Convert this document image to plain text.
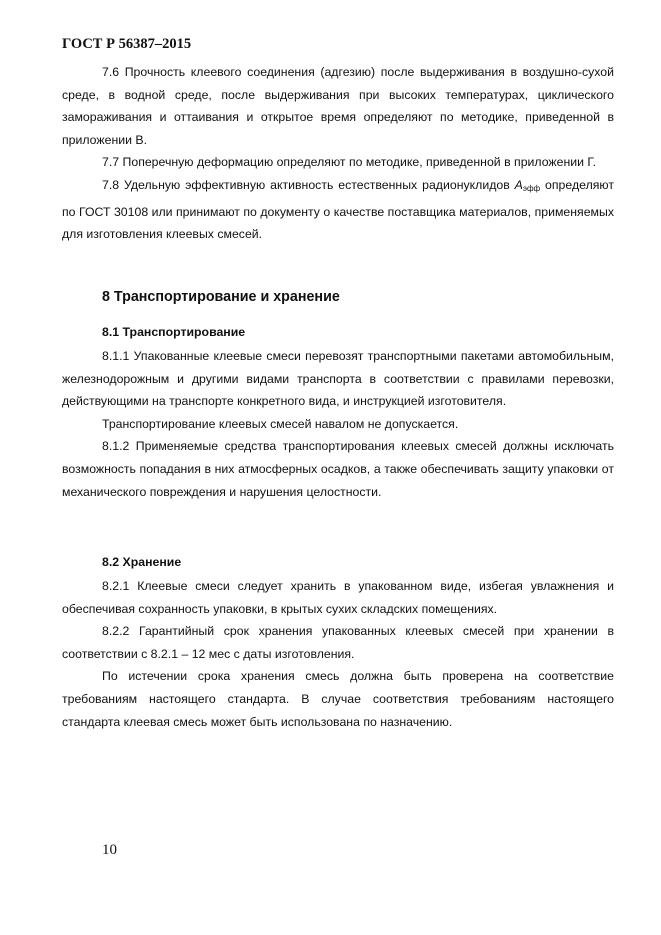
ГОСТ Р 56387–2015

7.6 Прочность клеевого соединения (адгезию) после выдерживания в воздушно-сухой среде, в водной среде, после выдерживания при высоких температурах, циклического замораживания и оттаивания и открытое время определяют по методике, приведенной в приложении В.

7.7 Поперечную деформацию определяют по методике, приведенной в приложении Г.

7.8 Удельную эффективную активность естественных радионуклидов $А_{эфф}$ определяют по ГОСТ 30108 или принимают по документу о качестве поставщика материалов, применяемых для изготовления клеевых смесей.

8 Транспортирование и хранение
8.1 Транспортирование

8.1.1 Упакованные клеевые смеси перевозят транспортными пакетами автомобильным, железнодорожным и другими видами транспорта в соответствии с правилами перевозки, действующими на транспорте конкретного вида, и инструкцией изготовителя.

Транспортирование клеевых смесей навалом не допускается.

8.1.2 Применяемые средства транспортирования клеевых смесей должны исключать возможность попадания в них атмосферных осадков, а также обеспечивать защиту упаковки от механического повреждения и нарушения целостности.

8.2 Хранение

8.2.1 Клеевые смеси следует хранить в упакованном виде, избегая увлажнения и обеспечивая сохранность упаковки, в крытых сухих складских помещениях.

8.2.2 Гарантийный срок хранения упакованных клеевых смесей при хранении в соответствии с 8.2.1 – 12 мес с даты изготовления.

По истечении срока хранения смесь должна быть проверена на соответствие требованиям настоящего стандарта. В случае соответствия требованиям настоящего стандарта клеевая смесь может быть использована по назначению.

10
